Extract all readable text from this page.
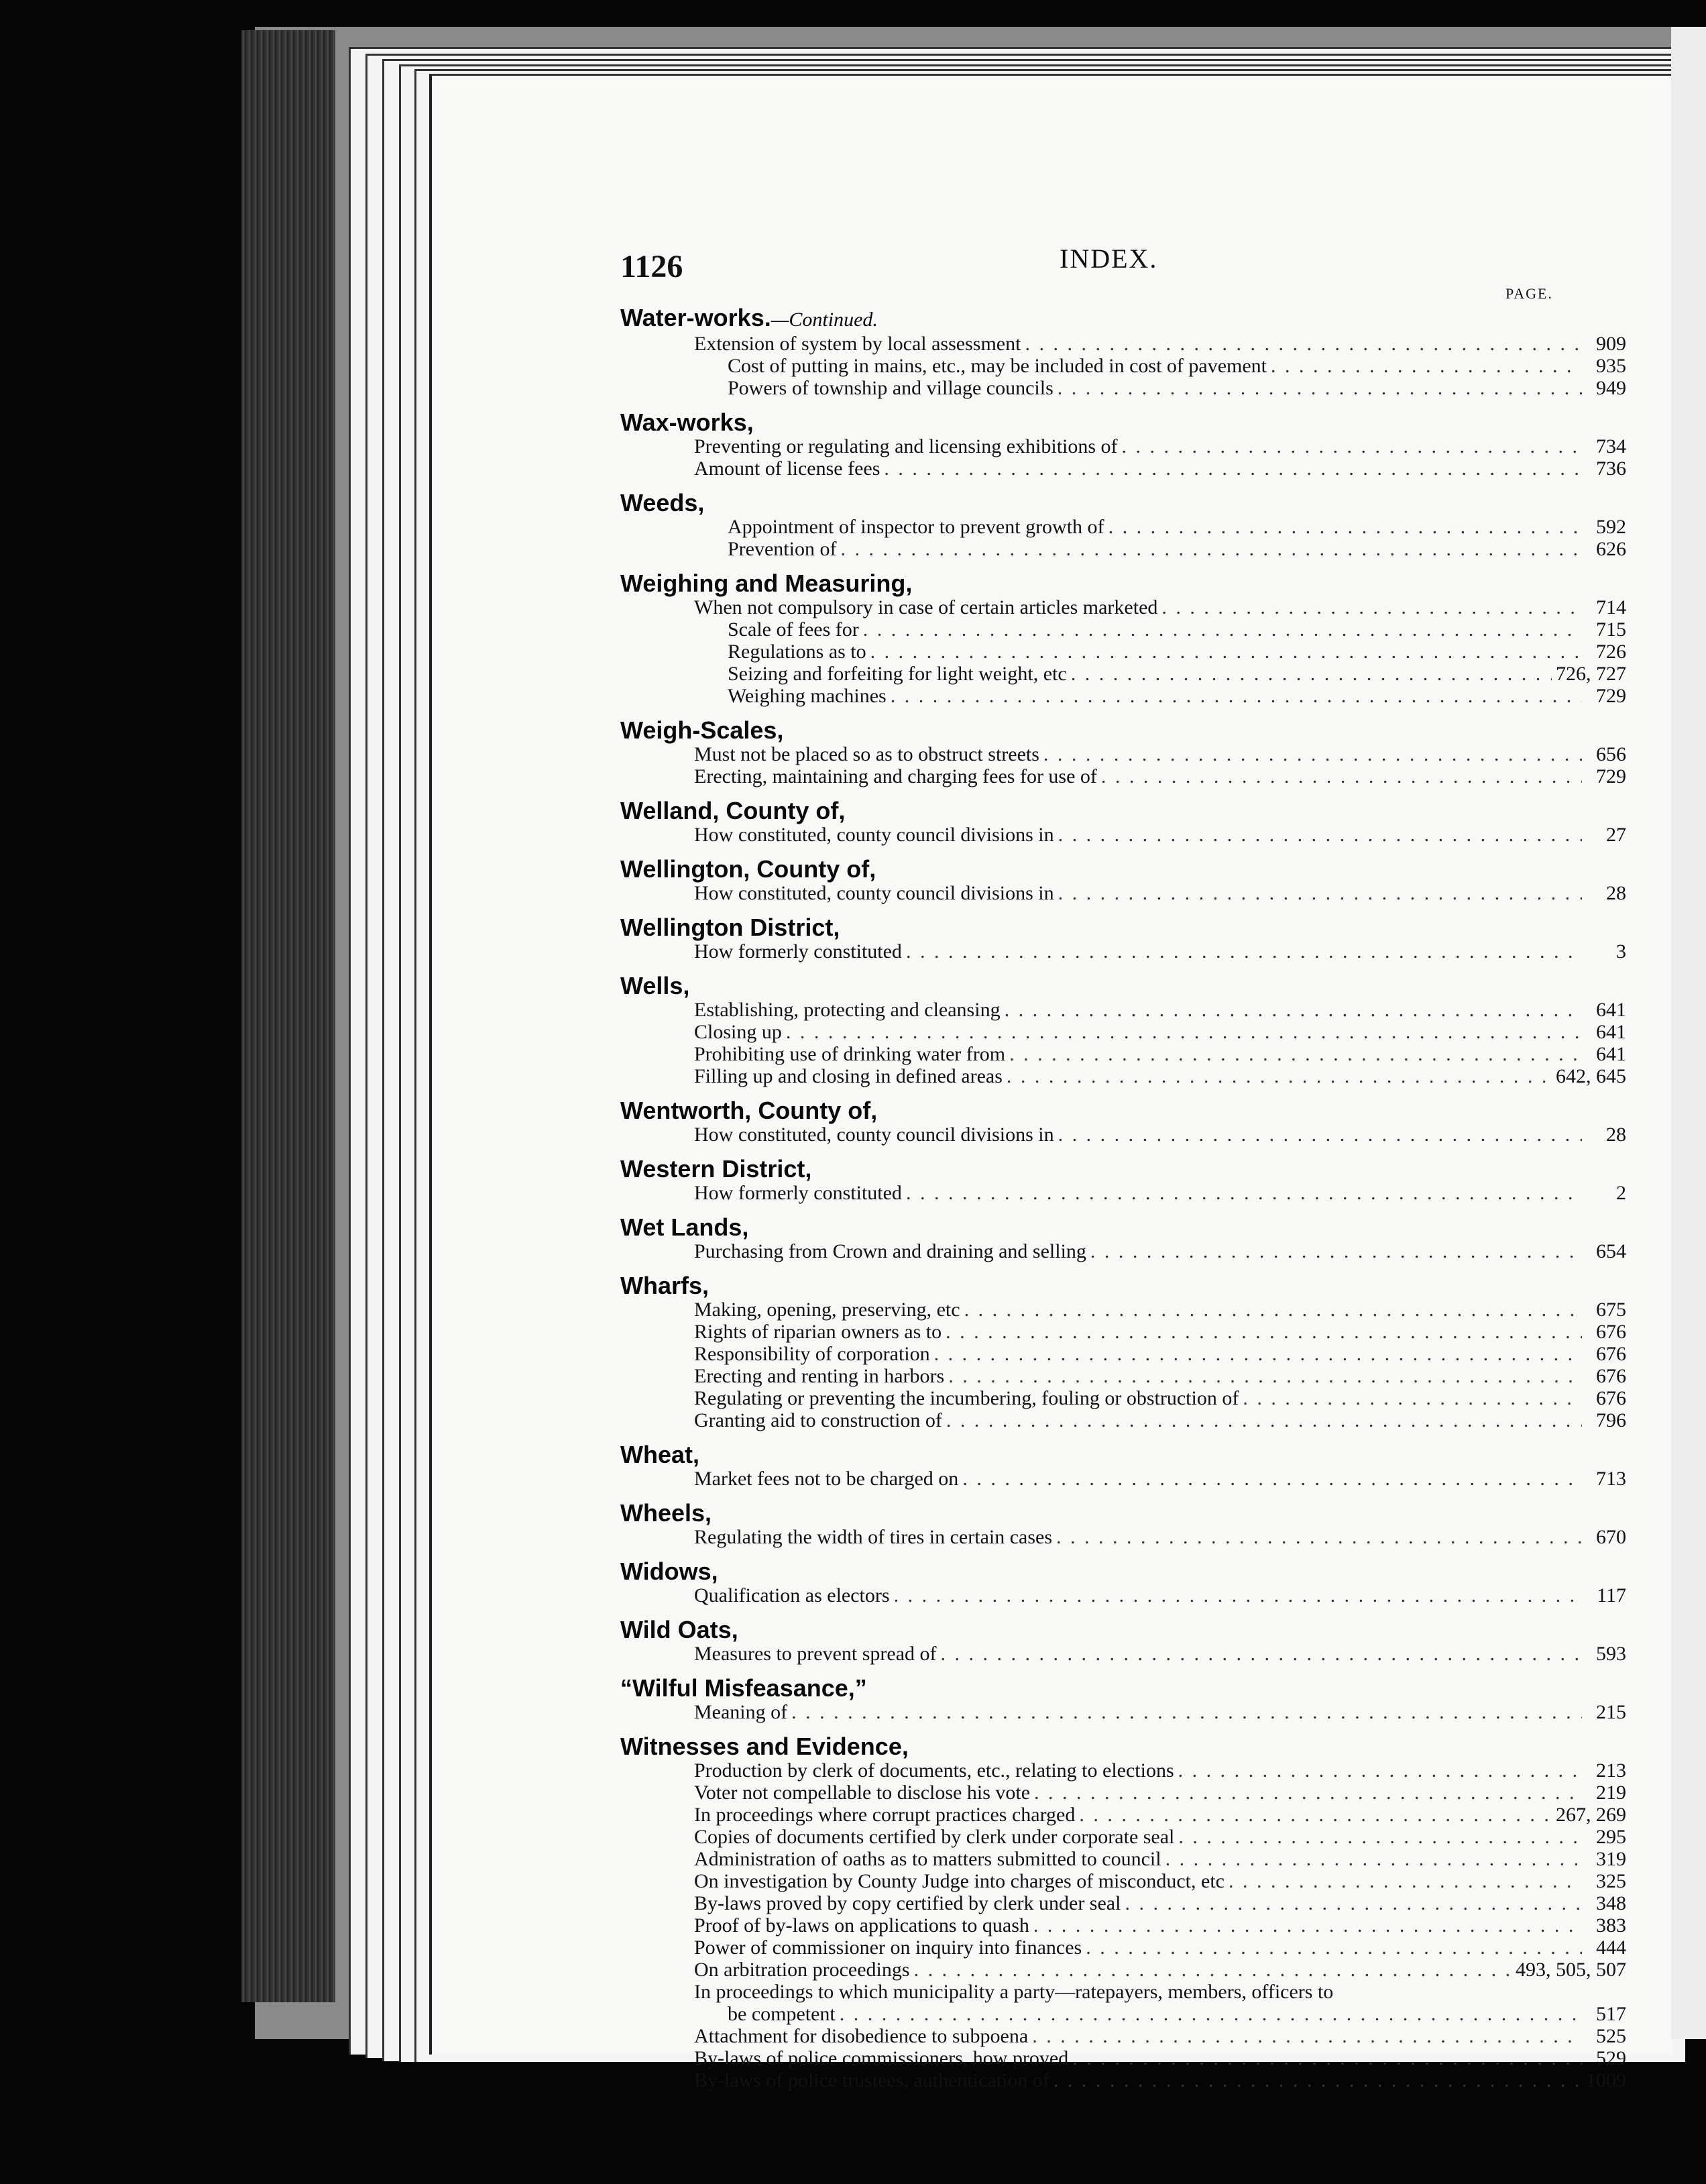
1126	INDEX.
PAGE.
Water-works.—Continued.
Extension of system by local assessment . . .	909
Cost of putting in mains, etc., may be included in cost of pavement . . .	935
Powers of township and village councils . . .	949
Wax-works,
Preventing or regulating and licensing exhibitions of . . .	734
Amount of license fees . . .	736
Weeds,
Appointment of inspector to prevent growth of . . .	592
Prevention of . . .	626
Weighing and Measuring,
When not compulsory in case of certain articles marketed . . .	714
Scale of fees for . . .	715
Regulations as to . . .	726
Seizing and forfeiting for light weight, etc . . .	726, 727
Weighing machines . . .	729
Weigh-Scales,
Must not be placed so as to obstruct streets . . .	656
Erecting, maintaining and charging fees for use of . . .	729
Welland, County of,
How constituted, county council divisions in . . .	27
Wellington, County of,
How constituted, county council divisions in . . .	28
Wellington District,
How formerly constituted . . .	3
Wells,
Establishing, protecting and cleansing . . .	641
Closing up . . .	641
Prohibiting use of drinking water from . . .	641
Filling up and closing in defined areas . . .	642, 645
Wentworth, County of,
How constituted, county council divisions in . . .	28
Western District,
How formerly constituted . . .	2
Wet Lands,
Purchasing from Crown and draining and selling . . .	654
Wharfs,
Making, opening, preserving, etc . . .	675
Rights of riparian owners as to . . .	676
Responsibility of corporation . . .	676
Erecting and renting in harbors . . .	676
Regulating or preventing the incumbering, fouling or obstruction of . . .	676
Granting aid to construction of . . .	796
Wheat,
Market fees not to be charged on . . .	713
Wheels,
Regulating the width of tires in certain cases . . .	670
Widows,
Qualification as electors . . .	117
Wild Oats,
Measures to prevent spread of . . .	593
“Wilful Misfeasance,”
Meaning of . . .	215
Witnesses and Evidence,
Production by clerk of documents, etc., relating to elections . . .	213
Voter not compellable to disclose his vote . . .	219
In proceedings where corrupt practices charged . . .	267, 269
Copies of documents certified by clerk under corporate seal . . .	295
Administration of oaths as to matters submitted to council . . .	319
On investigation by County Judge into charges of misconduct, etc . . .	325
By-laws proved by copy certified by clerk under seal . . .	348
Proof of by-laws on applications to quash . . .	383
Power of commissioner on inquiry into finances . . .	444
On arbitration proceedings . . .	493, 505, 507
In proceedings to which municipality a party—ratepayers, members, officers to
be competent . . .	517
Attachment for disobedience to subpoena . . .	525
By-laws of police commissioners, how proved . . .	529
By-laws of police trustees, authentication of . . .	1009
